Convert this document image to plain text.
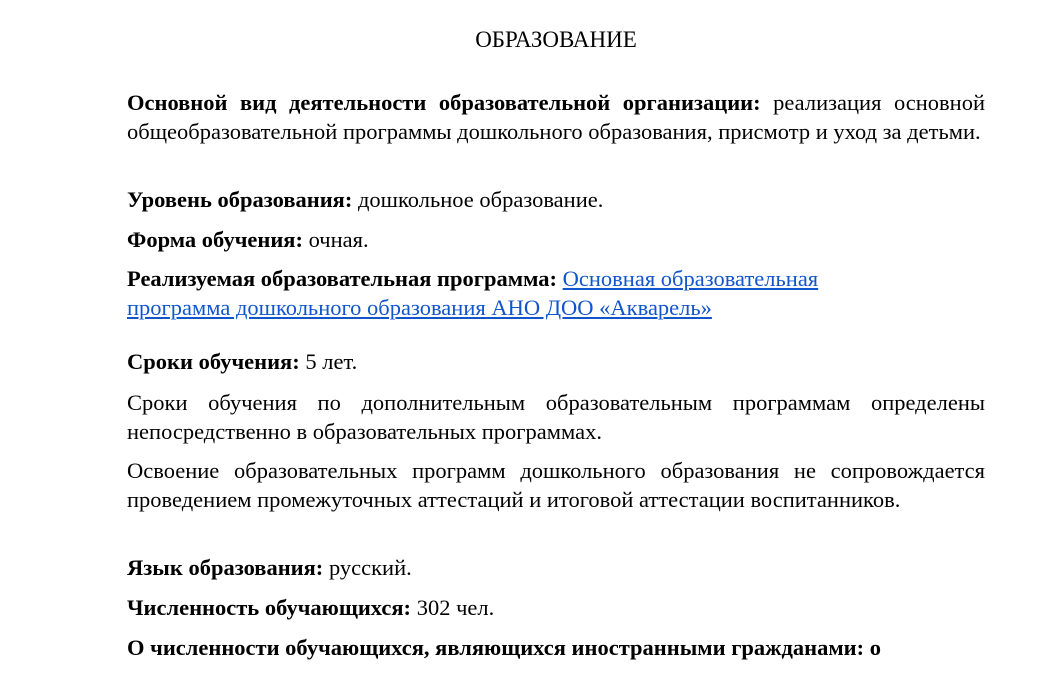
ОБРАЗОВАНИЕ

Основной вид деятельности образовательной организации: реализация основной общеобразовательной программы дошкольного образования, присмотр и уход за детьми.

Уровень образования: дошкольное образование.

Форма обучения: очная.

Реализуемая образовательная программа: Основная образовательная программа дошкольного образования АНО ДОО «Акварель»

Сроки обучения: 5 лет.

Сроки обучения по дополнительным образовательным программам определены непосредственно в образовательных программах.

Освоение образовательных программ дошкольного образования не сопровождается проведением промежуточных аттестаций и итоговой аттестации воспитанников.

Язык образования: русский.

Численность обучающихся: 302 чел.

О численности обучающихся, являющихся иностранными гражданами: о
